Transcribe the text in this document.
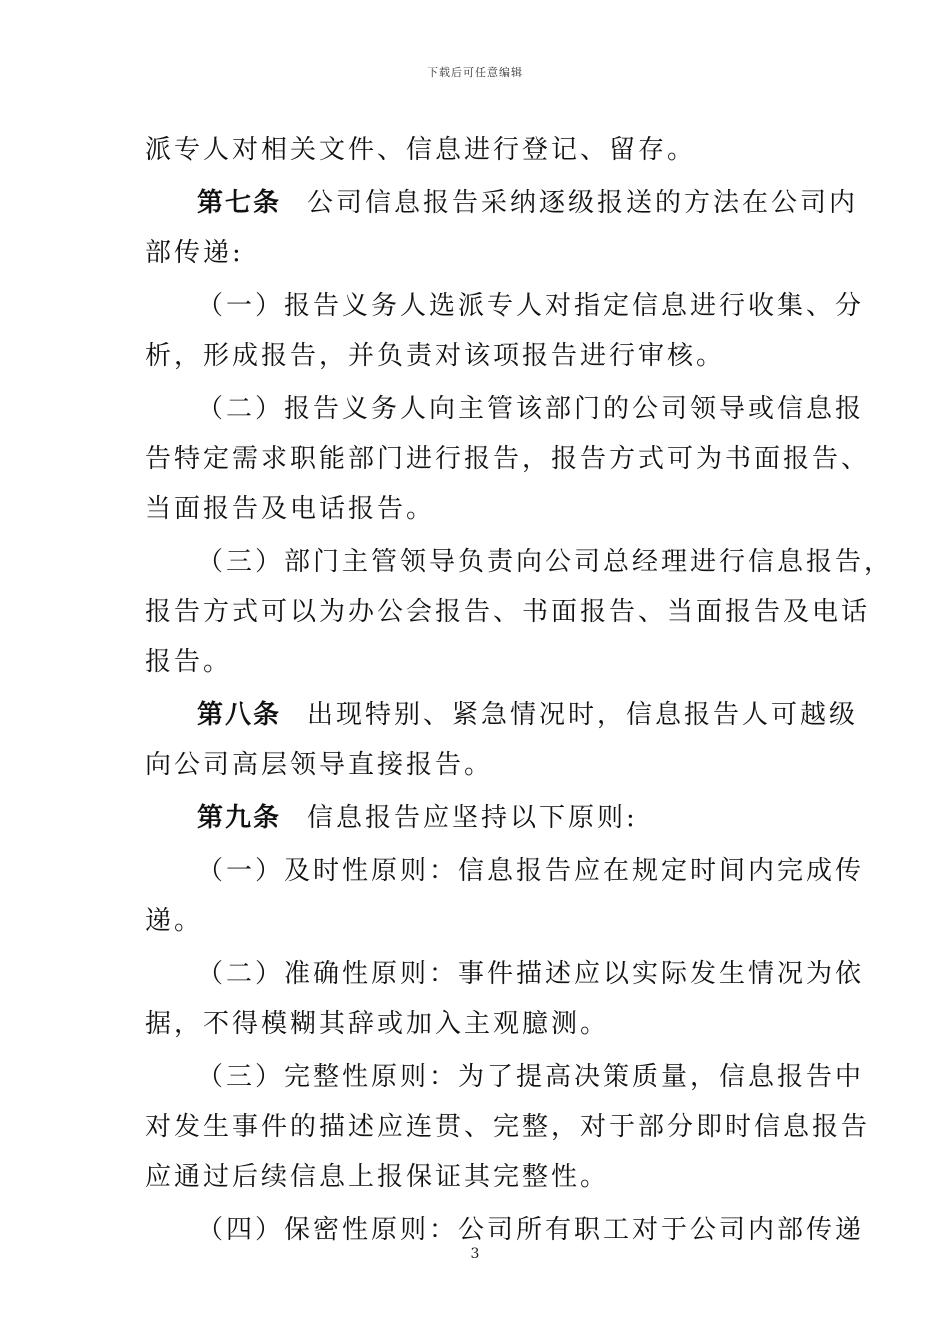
下载后可任意编辑
派专人对相关文件、信息进行登记、留存。
第七条 公司信息报告采纳逐级报送的方法在公司内
部传递:
（一）报告义务人选派专人对指定信息进行收集、分
析，形成报告，并负责对该项报告进行审核。
（二）报告义务人向主管该部门的公司领导或信息报
告特定需求职能部门进行报告，报告方式可为书面报告、
当面报告及电话报告。
（三）部门主管领导负责向公司总经理进行信息报告，
报告方式可以为办公会报告、书面报告、当面报告及电话
报告。
第八条 出现特别、紧急情况时，信息报告人可越级
向公司高层领导直接报告。
第九条 信息报告应坚持以下原则:
（一）及时性原则：信息报告应在规定时间内完成传
递。
（二）准确性原则：事件描述应以实际发生情况为依
据，不得模糊其辞或加入主观臆测。
（三）完整性原则：为了提高决策质量，信息报告中
对发生事件的描述应连贯、完整，对于部分即时信息报告
应通过后续信息上报保证其完整性。
（四）保密性原则：公司所有职工对于公司内部传递
3
